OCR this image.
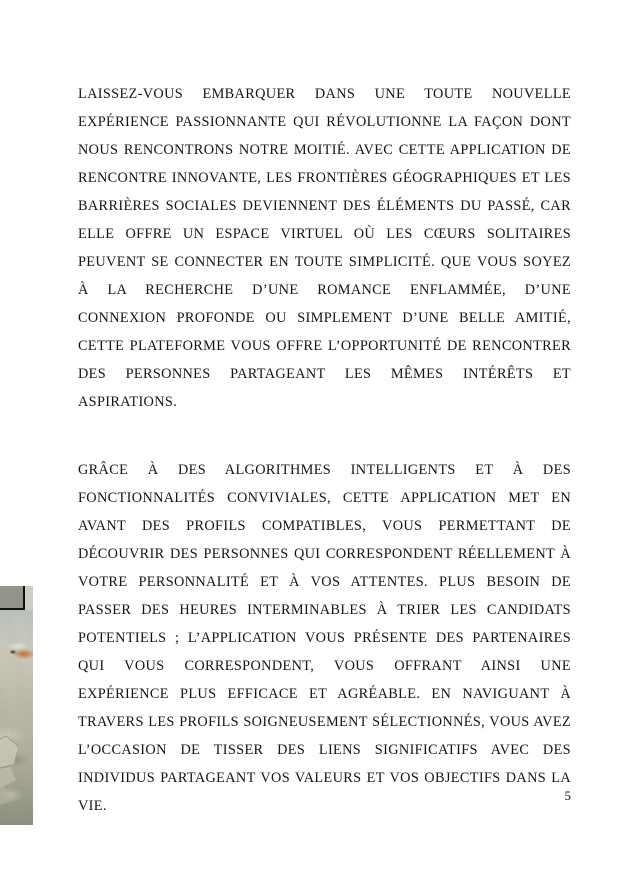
LAISSEZ-VOUS EMBARQUER DANS UNE TOUTE NOUVELLE EXPÉRIENCE PASSIONNANTE QUI RÉVOLUTIONNE LA FAÇON DONT NOUS RENCONTRONS NOTRE MOITIÉ. AVEC CETTE APPLICATION DE RENCONTRE INNOVANTE, LES FRONTIÈRES GÉOGRAPHIQUES ET LES BARRIÈRES SOCIALES DEVIENNENT DES ÉLÉMENTS DU PASSÉ, CAR ELLE OFFRE UN ESPACE VIRTUEL OÙ LES CŒURS SOLITAIRES PEUVENT SE CONNECTER EN TOUTE SIMPLICITÉ. QUE VOUS SOYEZ À LA RECHERCHE D’UNE ROMANCE ENFLAMMÉE, D’UNE CONNEXION PROFONDE OU SIMPLEMENT D’UNE BELLE AMITIÉ, CETTE PLATEFORME VOUS OFFRE L’OPPORTUNITÉ DE RENCONTRER DES PERSONNES PARTAGEANT LES MÊMES INTÉRÊTS ET ASPIRATIONS.

GRÂCE À DES ALGORITHMES INTELLIGENTS ET À DES FONCTIONNALITÉS CONVIVIALES, CETTE APPLICATION MET EN AVANT DES PROFILS COMPATIBLES, VOUS PERMETTANT DE DÉCOUVRIR DES PERSONNES QUI CORRESPONDENT RÉELLEMENT À VOTRE PERSONNALITÉ ET À VOS ATTENTES. PLUS BESOIN DE PASSER DES HEURES INTERMINABLES À TRIER LES CANDIDATS POTENTIELS ; L’APPLICATION VOUS PRÉSENTE DES PARTENAIRES QUI VOUS CORRESPONDENT, VOUS OFFRANT AINSI UNE EXPÉRIENCE PLUS EFFICACE ET AGRÉABLE. EN NAVIGUANT À TRAVERS LES PROFILS SOIGNEUSEMENT SÉLECTIONNÉS, VOUS AVEZ L’OCCASION DE TISSER DES LIENS SIGNIFICATIFS AVEC DES INDIVIDUS PARTAGEANT VOS VALEURS ET VOS OBJECTIFS DANS LA VIE.

5
